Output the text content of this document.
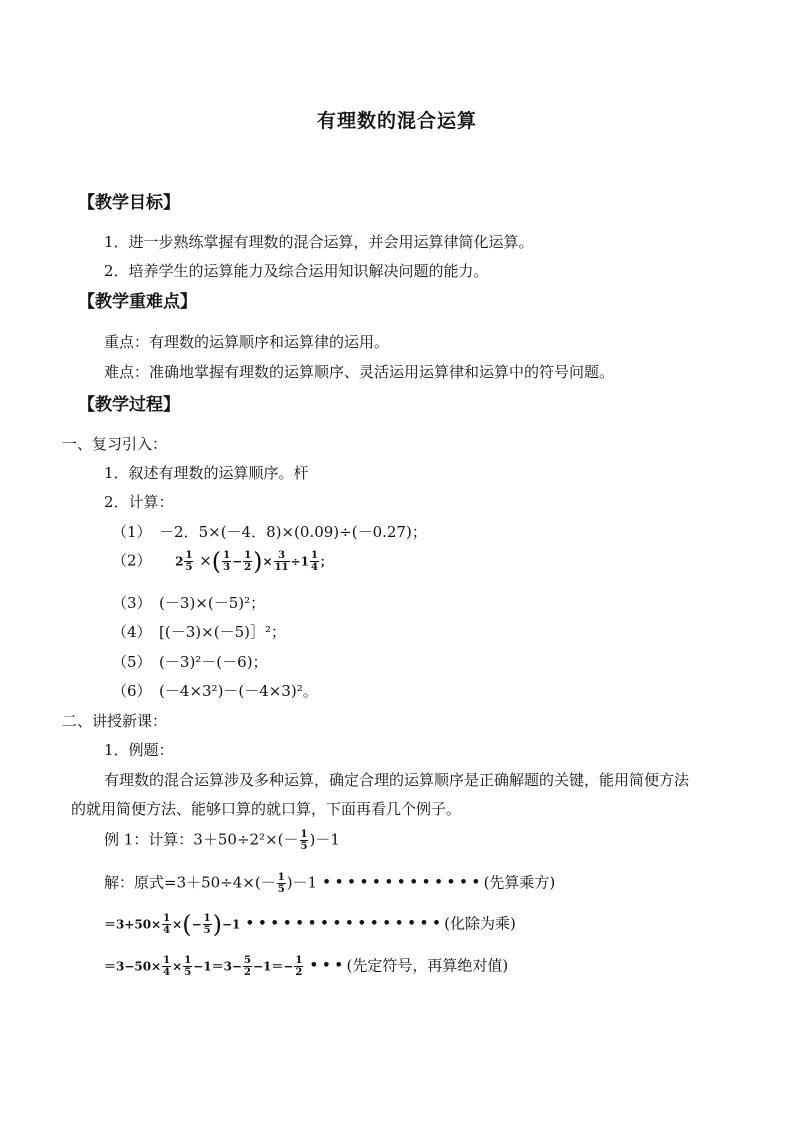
有理数的混合运算
【教学目标】
1．进一步熟练掌握有理数的混合运算，并会用运算律简化运算。
2．培养学生的运算能力及综合运用知识解决问题的能力。
【教学重难点】
重点：有理数的运算顺序和运算律的运用。
难点：准确地掌握有理数的运算顺序、灵活运用运算律和运算中的符号问题。
【教学过程】
一、复习引入：
1．叙述有理数的运算顺序。杆
2．计算：
（1）　－2．5×(－4．8)×(0.09)÷(－0.27)；
（2） $2 \frac{1}{5}$ ×( $\frac{1}{3} - \frac{1}{2}$ )× $\frac{3}{11} \div 1 \frac{1}{4}$ ；
（3）　(－3)×(－5)²；
（4）　[(－3)×(－5)］²；
（5）　(－3)²－(－6)；
（6）　(－4×3²)－(－4×3)²。
二、讲授新课：
1．例题：
有理数的混合运算涉及多种运算，确定合理的运算顺序是正确解题的关键，能用简便方法
的就用简便方法、能够口算的就口算，下面再看几个例子。
例 1：计算：$3+50\div 2^2\times(- \frac{1}{5} )-1$
解：原式$=3+50\div 4\times(- \frac{1}{5} )-1$ •••••••••••••(先算乘方)
$=3+50\times \frac{1}{4}$ ×(− $\frac{1}{5} )-1$ ••••••••••••••••(化除为乘)
$=3-50\times \frac{1}{4} \times \frac{1}{5} -1=3- \frac{5}{2} -1=- \frac{1}{2}$ •••(先定符号，再算绝对值)
